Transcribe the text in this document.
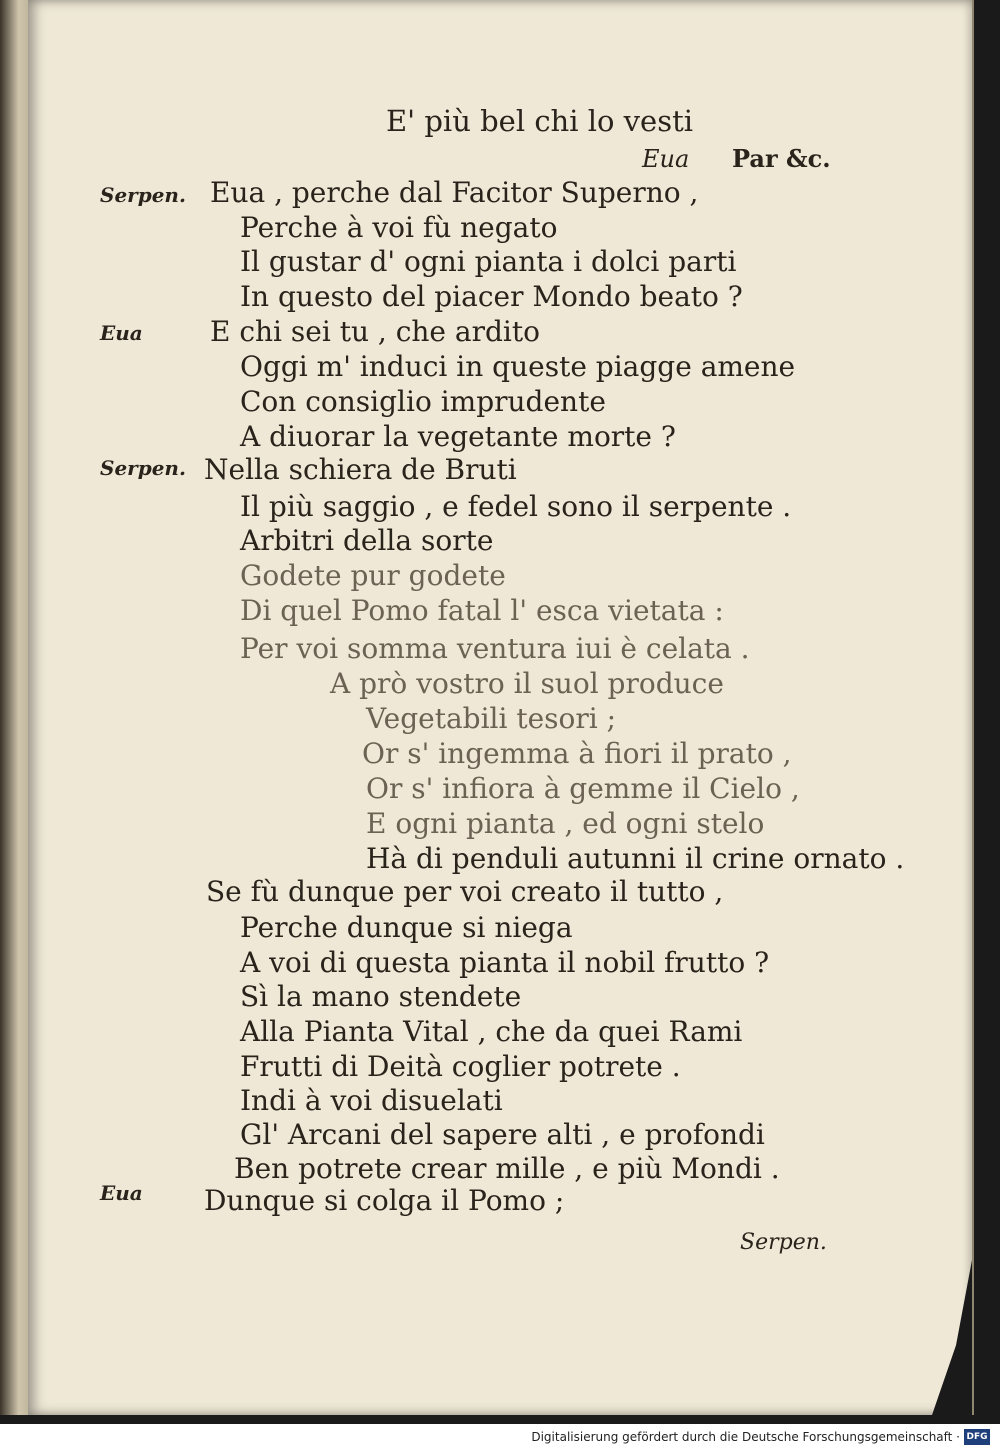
E' più bel chi lo vesti
Eua Par &c.
Serpen.
Eua
Serpen.
Eua
Eua , perche dal Facitor Superno ,
Perche à voi fù negato
Il gustar d' ogni pianta i dolci parti
In questo del piacer Mondo beato ?
E chi sei tu , che ardito
Oggi m' induci in queste piagge amene
Con consiglio imprudente
A diuorar la vegetante morte ?
Nella schiera de Bruti
Il più saggio , e fedel sono il serpente .
Arbitri della sorte
Godete pur godete
Di quel Pomo fatal l' esca vietata :
Per voi somma ventura iui è celata .
A prò vostro il suol produce
Vegetabili tesori ;
Or s' ingemma à fiori il prato ,
Or s' infiora à gemme il Cielo ,
E ogni pianta , ed ogni stelo
Hà di penduli autunni il crine ornato .
Se fù dunque per voi creato il tutto ,
Perche dunque si niega
A voi di questa pianta il nobil frutto ?
Sì la mano stendete
Alla Pianta Vital , che da quei Rami
Frutti di Deità coglier potrete .
Indi à voi disuelati
Gl' Arcani del sapere alti , e profondi
Ben potrete crear mille , e più Mondi .
Dunque si colga il Pomo ;
Serpen.
Digitalisierung gefördert durch die Deutsche Forschungsgemeinschaft · DFG
